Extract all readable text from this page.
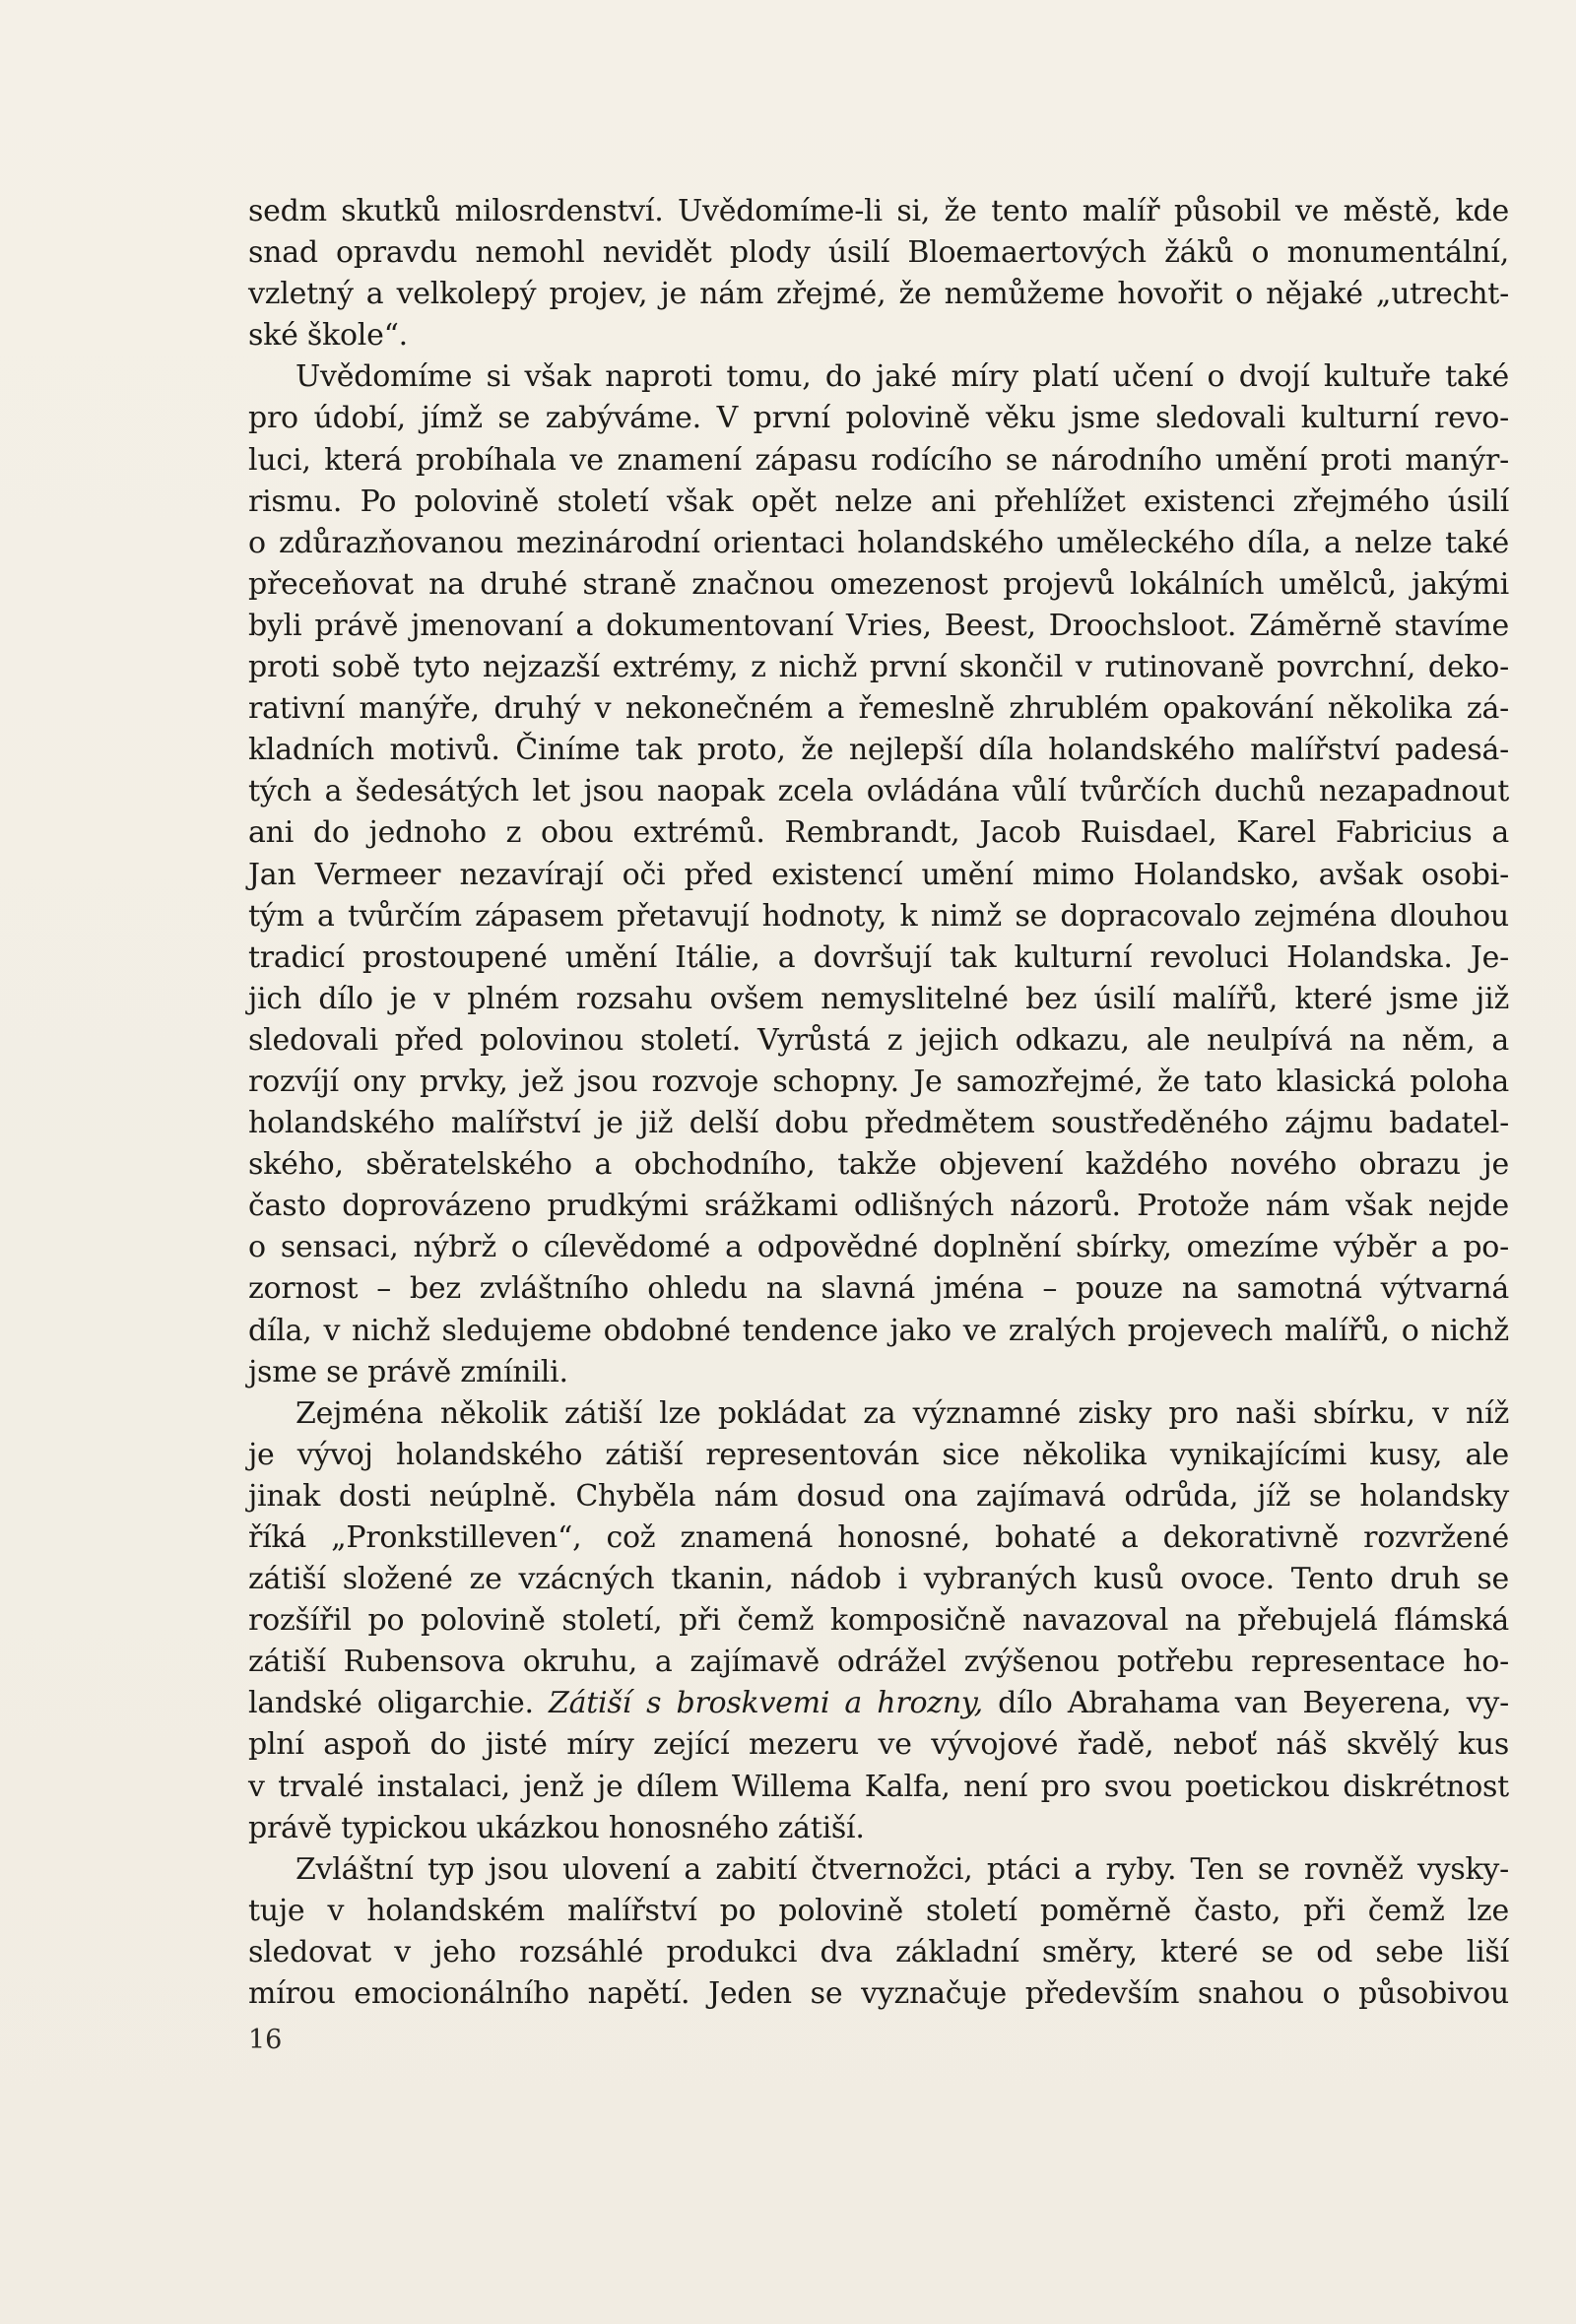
sedm skutků milosrdenství. Uvědomíme-li si, že tento malíř působil ve městě, kde
snad opravdu nemohl nevidět plody úsilí Bloemaertových žáků o monumentální,
vzletný a velkolepý projev, je nám zřejmé, že nemůžeme hovořit o nějaké „utrecht-
ské škole“.
Uvědomíme si však naproti tomu, do jaké míry platí učení o dvojí kultuře také
pro údobí, jímž se zabýváme. V první polovině věku jsme sledovali kulturní revo-
luci, která probíhala ve znamení zápasu rodícího se národního umění proti manýr-
rismu. Po polovině století však opět nelze ani přehlížet existenci zřejmého úsilí
o zdůrazňovanou mezinárodní orientaci holandského uměleckého díla, a nelze také
přeceňovat na druhé straně značnou omezenost projevů lokálních umělců, jakými
byli právě jmenovaní a dokumentovaní Vries, Beest, Droochsloot. Záměrně stavíme
proti sobě tyto nejzazší extrémy, z nichž první skončil v rutinovaně povrchní, deko-
rativní manýře, druhý v nekonečném a řemeslně zhrublém opakování několika zá-
kladních motivů. Činíme tak proto, že nejlepší díla holandského malířství padesá-
tých a šedesátých let jsou naopak zcela ovládána vůlí tvůrčích duchů nezapadnout
ani do jednoho z obou extrémů. Rembrandt, Jacob Ruisdael, Karel Fabricius a
Jan Vermeer nezavírají oči před existencí umění mimo Holandsko, avšak osobi-
tým a tvůrčím zápasem přetavují hodnoty, k nimž se dopracovalo zejména dlouhou
tradicí prostoupené umění Itálie, a dovršují tak kulturní revoluci Holandska. Je-
jich dílo je v plném rozsahu ovšem nemyslitelné bez úsilí malířů, které jsme již
sledovali před polovinou století. Vyrůstá z jejich odkazu, ale neulpívá na něm, a
rozvíjí ony prvky, jež jsou rozvoje schopny. Je samozřejmé, že tato klasická poloha
holandského malířství je již delší dobu předmětem soustředěného zájmu badatel-
ského, sběratelského a obchodního, takže objevení každého nového obrazu je
často doprovázeno prudkými srážkami odlišných názorů. Protože nám však nejde
o sensaci, nýbrž o cílevědomé a odpovědné doplnění sbírky, omezíme výběr a po-
zornost – bez zvláštního ohledu na slavná jména – pouze na samotná výtvarná
díla, v nichž sledujeme obdobné tendence jako ve zralých projevech malířů, o nichž
jsme se právě zmínili.
Zejména několik zátiší lze pokládat za významné zisky pro naši sbírku, v níž
je vývoj holandského zátiší representován sice několika vynikajícími kusy, ale
jinak dosti neúplně. Chyběla nám dosud ona zajímavá odrůda, jíž se holandsky
říká „Pronkstilleven“, což znamená honosné, bohaté a dekorativně rozvržené
zátiší složené ze vzácných tkanin, nádob i vybraných kusů ovoce. Tento druh se
rozšířil po polovině století, při čemž komposičně navazoval na přebujelá flámská
zátiší Rubensova okruhu, a zajímavě odrážel zvýšenou potřebu representace ho-
landské oligarchie. Zátiší s broskvemi a hrozny, dílo Abrahama van Beyerena, vy-
plní aspoň do jisté míry zející mezeru ve vývojové řadě, neboť náš skvělý kus
v trvalé instalaci, jenž je dílem Willema Kalfa, není pro svou poetickou diskrétnost
právě typickou ukázkou honosného zátiší.
Zvláštní typ jsou ulovení a zabití čtvernožci, ptáci a ryby. Ten se rovněž vysky-
tuje v holandském malířství po polovině století poměrně často, při čemž lze
sledovat v jeho rozsáhlé produkci dva základní směry, které se od sebe liší
mírou emocionálního napětí. Jeden se vyznačuje především snahou o působivou
16
